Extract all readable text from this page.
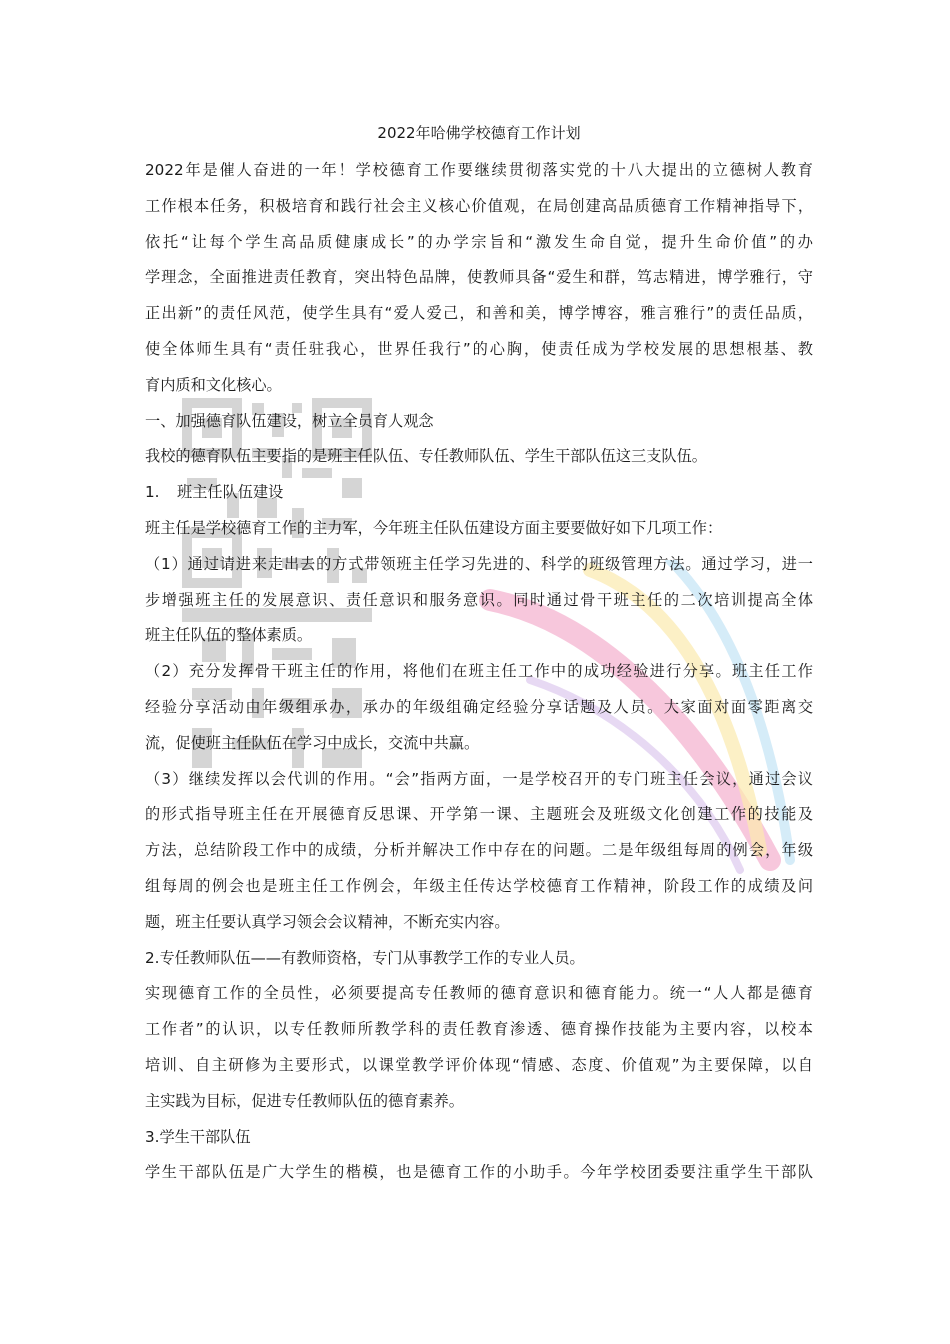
2022年哈佛学校德育工作计划

2022年是催人奋进的一年！学校德育工作要继续贯彻落实党的十八大提出的立德树人教育

工作根本任务，积极培育和践行社会主义核心价值观，在局创建高品质德育工作精神指导下，

依托“让每个学生高品质健康成长”的办学宗旨和“激发生命自觉，提升生命价值”的办

学理念，全面推进责任教育，突出特色品牌，使教师具备“爱生和群，笃志精进，博学雅行，守

正出新”的责任风范，使学生具有“爱人爱己，和善和美，博学博容，雅言雅行”的责任品质，

使全体师生具有“责任驻我心，世界任我行”的心胸，使责任成为学校发展的思想根基、教

育内质和文化核心。

一、加强德育队伍建设，树立全员育人观念

我校的德育队伍主要指的是班主任队伍、专任教师队伍、学生干部队伍这三支队伍。

1. 班主任队伍建设

班主任是学校德育工作的主力军，今年班主任队伍建设方面主要要做好如下几项工作：

（1）通过请进来走出去的方式带领班主任学习先进的、科学的班级管理方法。通过学习，进一

步增强班主任的发展意识、责任意识和服务意识。同时通过骨干班主任的二次培训提高全体

班主任队伍的整体素质。

（2）充分发挥骨干班主任的作用，将他们在班主任工作中的成功经验进行分享。班主任工作

经验分享活动由年级组承办，承办的年级组确定经验分享话题及人员。大家面对面零距离交

流，促使班主任队伍在学习中成长，交流中共赢。

（3）继续发挥以会代训的作用。“会”指两方面，一是学校召开的专门班主任会议，通过会议

的形式指导班主任在开展德育反思课、开学第一课、主题班会及班级文化创建工作的技能及

方法，总结阶段工作中的成绩，分析并解决工作中存在的问题。二是年级组每周的例会，年级

组每周的例会也是班主任工作例会，年级主任传达学校德育工作精神，阶段工作的成绩及问

题，班主任要认真学习领会会议精神，不断充实内容。

2.专任教师队伍——有教师资格，专门从事教学工作的专业人员。

实现德育工作的全员性，必须要提高专任教师的德育意识和德育能力。统一“人人都是德育

工作者”的认识，以专任教师所教学科的责任教育渗透、德育操作技能为主要内容，以校本

培训、自主研修为主要形式，以课堂教学评价体现“情感、态度、价值观”为主要保障，以自

主实践为目标，促进专任教师队伍的德育素养。

3.学生干部队伍

学生干部队伍是广大学生的楷模，也是德育工作的小助手。今年学校团委要注重学生干部队
